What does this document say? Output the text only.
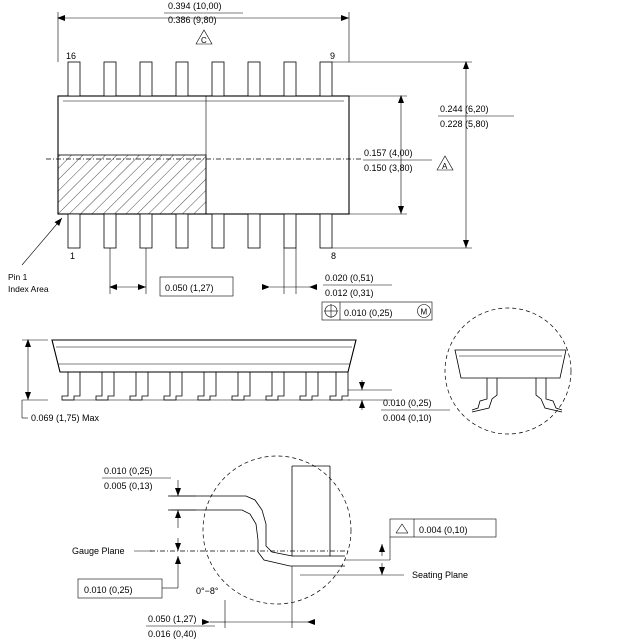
0.394 (10,00)
0.386 (9,80)
C
16	9
1	8
0.157 (4,00)
0.150 (3,80)	A
0.244 (6,20)
0.228 (5,80)
Pin 1
Index Area	0.050 (1,27)
0.020 (0,51)
0.012 (0,31)
0.010 (0,25)	M
0.069 (1,75) Max
0.010 (0,25)
0.004 (0,10)
Gauge Plane
Seating Plane
0.010 (0,25)
0.005 (0,13)
0.004 (0,10)
0.010 (0,25)	0°−8°
0.050 (1,27)
0.016 (0,40)
